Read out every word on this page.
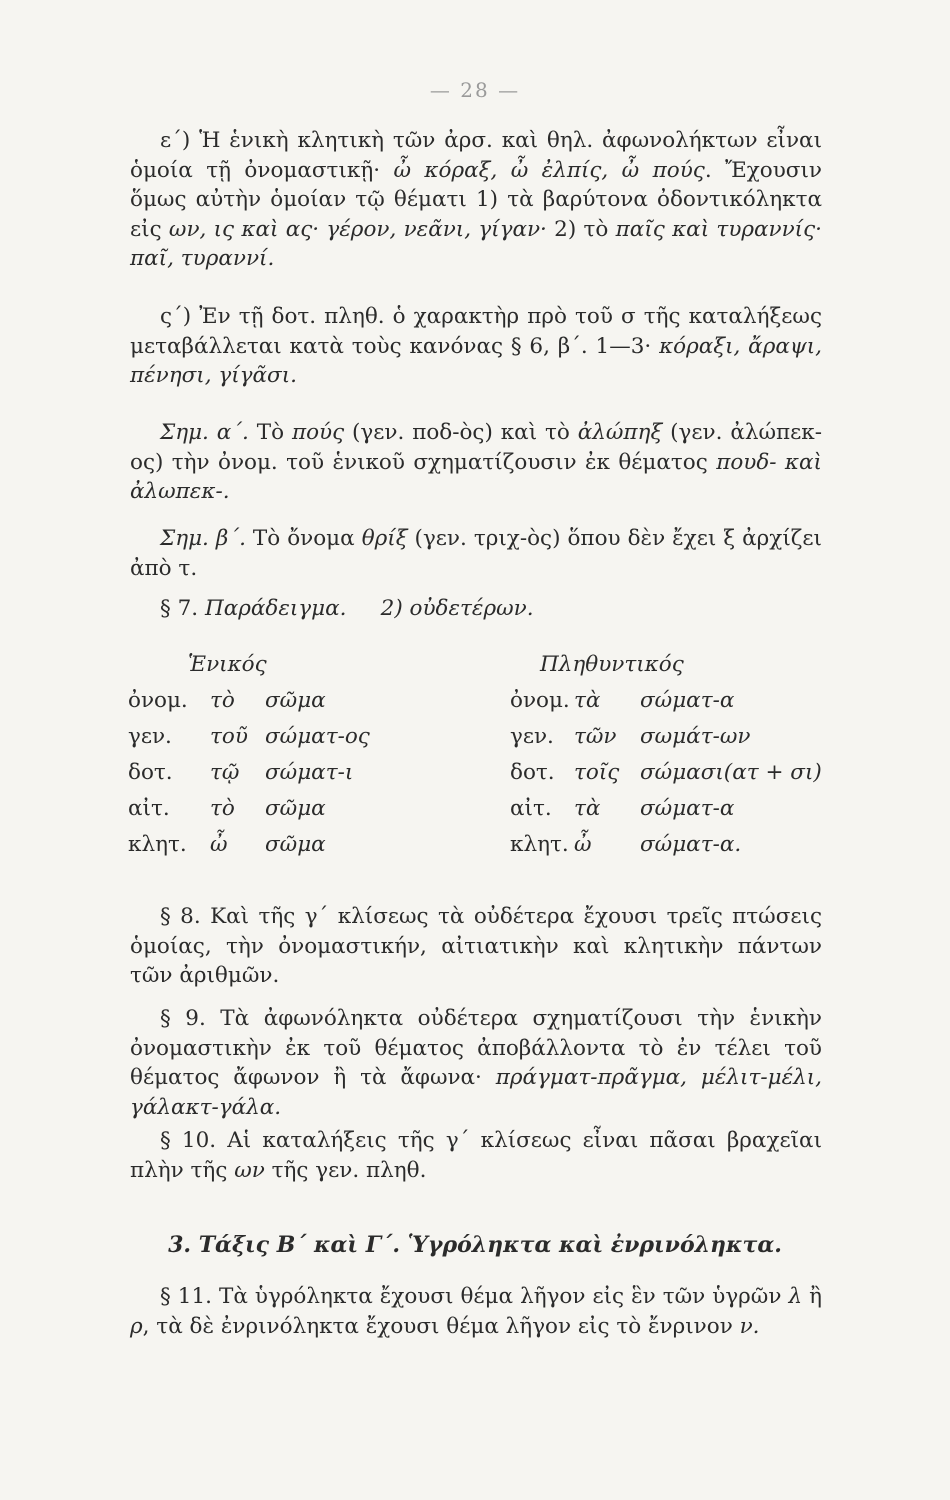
— 28 —

ε΄) Ἡ ἑνικὴ κλητικὴ τῶν ἀρσ. καὶ θηλ. ἀφωνολήκτων εἶναι ὁμοία τῇ ὀνομαστικῇ· ὦ κόραξ, ὦ ἐλπίς, ὦ πούς. Ἔχουσιν ὅμως αὐτὴν ὁμοίαν τῷ θέματι 1) τὰ βαρύτονα ὀδοντικόληκτα εἰς ων, ις καὶ ας· γέρον, νεᾶνι, γίγαν· 2) τὸ παῖς καὶ τυραννίς· παῖ, τυραννί.

ς΄) Ἐν τῇ δοτ. πληθ. ὁ χαρακτὴρ πρὸ τοῦ σ τῆς καταλήξεως μεταβάλλεται κατὰ τοὺς κανόνας § 6, β΄. 1—3· κόραξι, ἄραψι, πένησι, γίγᾶσι.

Σημ. α΄. Τὸ πούς (γεν. ποδ-ὸς) καὶ τὸ ἀλώπηξ (γεν. ἀλώπεκ-ος) τὴν ὀνομ. τοῦ ἑνικοῦ σχηματίζουσιν ἐκ θέματος πουδ- καὶ ἀλωπεκ-.

Σημ. β΄. Τὸ ὄνομα θρίξ (γεν. τριχ-ὸς) ὅπου δὲν ἔχει ξ ἀρχίζει ἀπὸ τ.

§ 7. Παράδειγμα. 2) οὐδετέρων.
Ἑνικός	Πληθυντικός
ὀνομ. τὸ σῶμα	ὀνομ. τὰ σώματ-α
γεν. τοῦ σώματ-ος	γεν. τῶν σωμάτ-ων
δοτ. τῷ σώματ-ι	δοτ. τοῖς σώμασι(ατ + σι)
αἰτ. τὸ σῶμα	αἰτ. τὰ σώματ-α
κλητ. ὦ σῶμα	κλητ. ὦ σώματ-α.

§ 8. Καὶ τῆς γ΄ κλίσεως τὰ οὐδέτερα ἔχουσι τρεῖς πτώσεις ὁμοίας, τὴν ὀνομαστικήν, αἰτιατικὴν καὶ κλητικὴν πάντων τῶν ἀριθμῶν.

§ 9. Τὰ ἀφωνόληκτα οὐδέτερα σχηματίζουσι τὴν ἑνικὴν ὀνομαστικὴν ἐκ τοῦ θέματος ἀποβάλλοντα τὸ ἐν τέλει τοῦ θέματος ἄφωνον ἢ τὰ ἄφωνα· πράγματ-πρᾶγμα, μέλιτ-μέλι, γάλακτ-γάλα.

§ 10. Αἱ καταλήξεις τῆς γ΄ κλίσεως εἶναι πᾶσαι βραχεῖαι πλὴν τῆς ων τῆς γεν. πληθ.

3. Τάξις Β΄ καὶ Γ΄. Ὑγρόληκτα καὶ ἐνρινόληκτα.

§ 11. Τὰ ὑγρόληκτα ἔχουσι θέμα λῆγον εἰς ἓν τῶν ὑγρῶν λ ἢ ρ, τὰ δὲ ἐνρινόληκτα ἔχουσι θέμα λῆγον εἰς τὸ ἔνρινον ν.
